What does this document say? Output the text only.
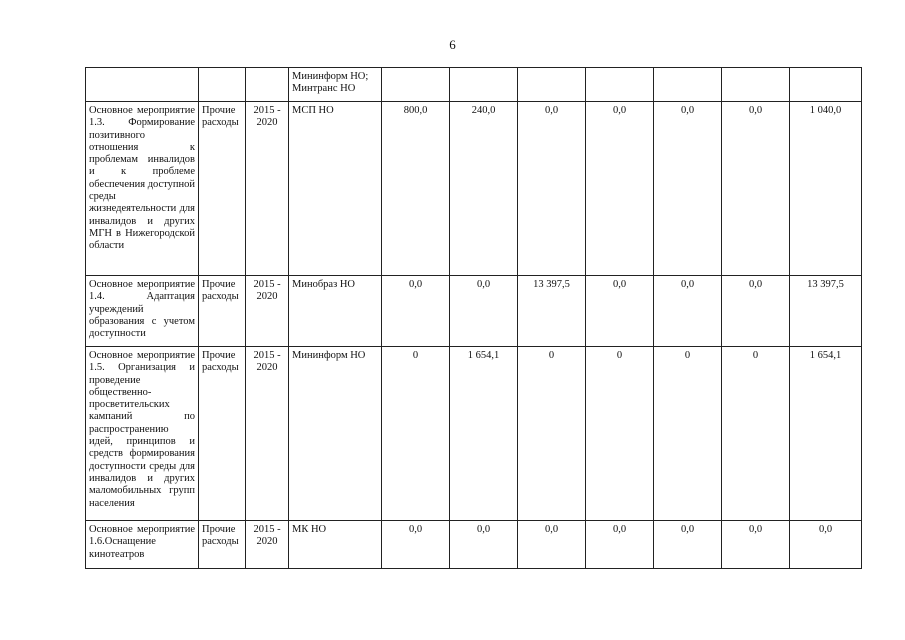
6
			Мининформ НО; Минтранс НО							
Основное мероприятие 1.3. Формирование позитивного отношения к проблемам инвалидов и к проблеме обеспечения доступной среды жизнедеятельности для инвалидов и других МГН в Нижегородской области	Прочие расходы	2015 - 2020	МСП НО	800,0	240,0	0,0	0,0	0,0	0,0	1 040,0
Основное мероприятие 1.4. Адаптация учреждений образования с учетом доступности	Прочие расходы	2015 - 2020	Минобраз НО	0,0	0,0	13 397,5	0,0	0,0	0,0	13 397,5
Основное мероприятие 1.5. Организация и проведение общественно-просветительских кампаний по распространению идей, принципов и средств формирования доступности среды для инвалидов и других маломобильных групп населения	Прочие расходы	2015 - 2020	Мининформ НО	0	1 654,1	0	0	0	0	1 654,1
Основное мероприятие 1.6.Оснащение кинотеатров	Прочие расходы	2015 - 2020	МК НО	0,0	0,0	0,0	0,0	0,0	0,0	0,0
